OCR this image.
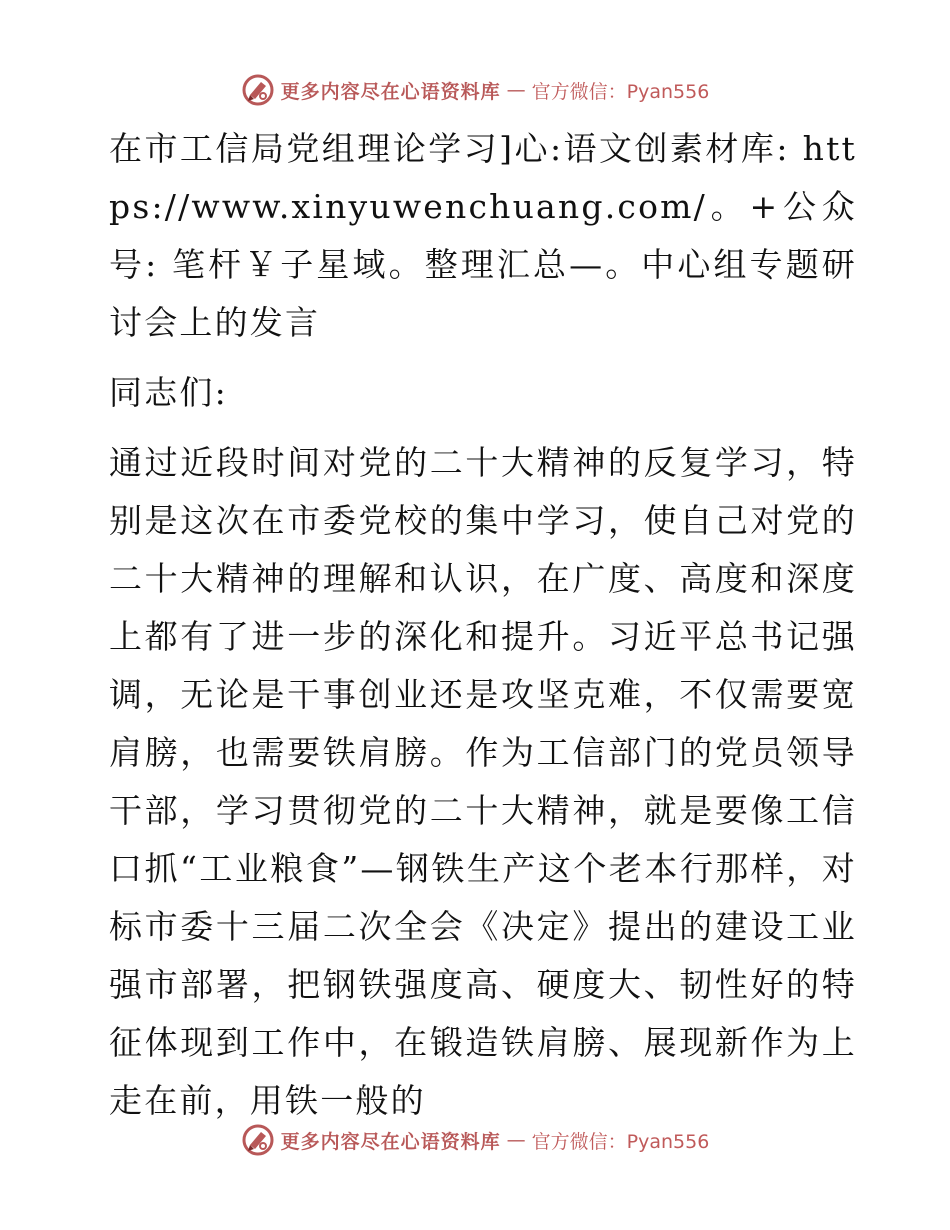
更多内容尽在心语资料库 — 官方微信：Pyan556

在市工信局党组理论学习]心:语文创素材库: https://www.xinyuwenchuang.com/。+公众号: 笔杆￥子星域。整理汇总—。中心组专题研讨会上的发言

同志们:

通过近段时间对党的二十大精神的反复学习，特别是这次在市委党校的集中学习，使自己对党的二十大精神的理解和认识，在广度、高度和深度上都有了进一步的深化和提升。习近平总书记强调，无论是干事创业还是攻坚克难，不仅需要宽肩膀，也需要铁肩膀。作为工信部门的党员领导干部，学习贯彻党的二十大精神，就是要像工信口抓“工业粮食”—钢铁生产这个老本行那样，对标市委十三届二次全会《决定》提出的建设工业强市部署，把钢铁强度高、硬度大、韧性好的特征体现到工作中，在锻造铁肩膀、展现新作为上走在前，用铁一般的

更多内容尽在心语资料库 — 官方微信：Pyan556
